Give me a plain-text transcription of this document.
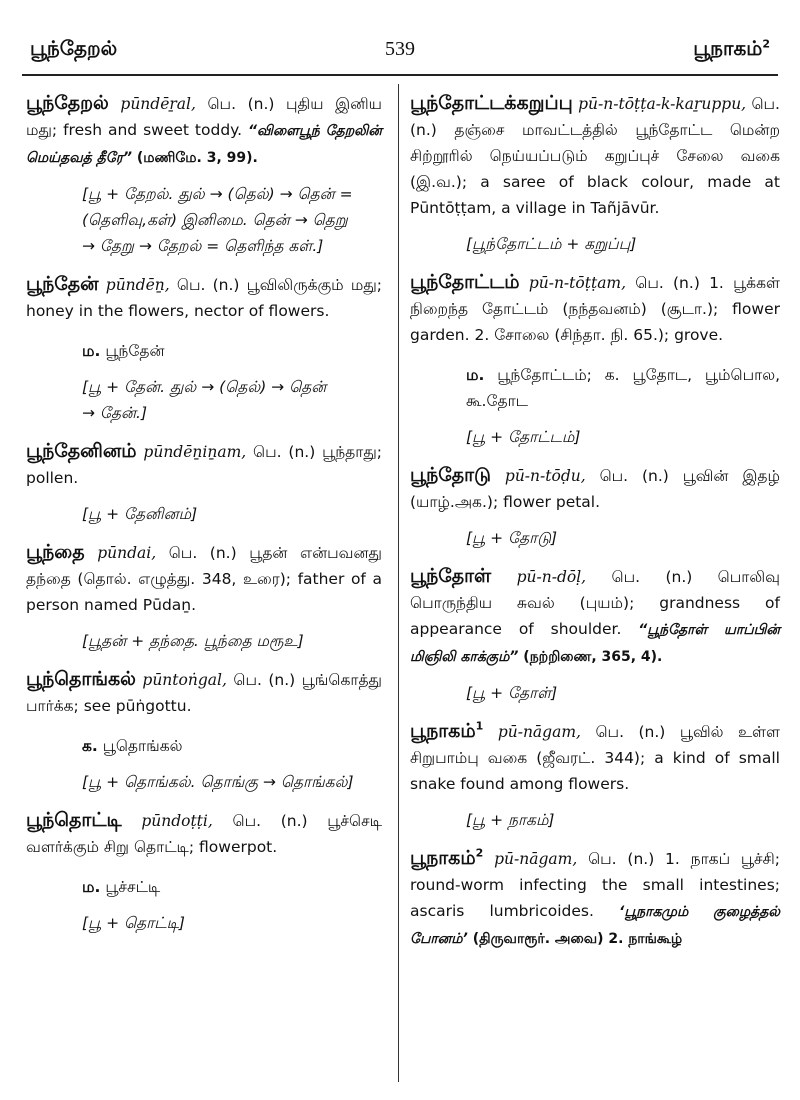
பூந்தேறல்	539	பூநாகம்$^2$

பூந்தேறல் pūndēṟal, பெ. (n.) புதிய இனிய மது; fresh and sweet toddy. “விளைபூந் தேறலின் மெய்தவத் தீரே” (மணிமே. 3, 99).

[பூ + தேறல். துல் → (தெல்) → தென் =

(தெளிவு,கள்) இனிமை. தென் → தெறு

→ தேறு → தேறல் = தெளிந்த கள்.]

பூந்தேன் pūndēṉ, பெ. (n.) பூவிலிருக்கும் மது; honey in the flowers, nector of flowers.

ம. பூந்தேன்

[பூ + தேன். துல் → (தெல்) → தென்

→ தேன்.]

பூந்தேனினம் pūndēṉiṉam, பெ. (n.) பூந்தாது; pollen.

[பூ + தேனினம்]

பூந்தை pūndai, பெ. (n.) பூதன் என்பவனது தந்தை (தொல். எழுத்து. 348, உரை); father of a person named Pūdaṉ.

[பூதன் + தந்தை. பூந்தை மரூஉ]

பூந்தொங்கல் pūntoṅgal, பெ. (n.) பூங்கொத்து பார்க்க; see pūṅgottu.

க. பூதொங்கல்

[பூ + தொங்கல். தொங்கு → தொங்கல்]

பூந்தொட்டி pūndoṭṭi, பெ. (n.) பூச்செடி வளர்க்கும் சிறு தொட்டி; flowerpot.

ம. பூச்சட்டி

[பூ + தொட்டி]

பூந்தோட்டக்கறுப்பு pū-n-tōṭṭa-k-kaṟuppu, பெ. (n.) தஞ்சை மாவட்டத்தில் பூந்தோட்ட மென்ற சிற்றூரில் நெய்யப்படும் கறுப்புச் சேலை வகை (இ.வ.); a saree of black colour, made at Pūntōṭṭam, a village in Tañjāvūr.

[பூந்தோட்டம் + கறுப்பு]

பூந்தோட்டம் pū-n-tōṭṭam, பெ. (n.) 1. பூக்கள் நிறைந்த தோட்டம் (நந்தவனம்) (சூடா.); flower garden. 2. சோலை (சிந்தா. நி. 65.); grove.

ம. பூந்தோட்டம்; க. பூதோட, பூம்பொல, கூ.தோட

[பூ + தோட்டம்]

பூந்தோடு pū-n-tōḍu, பெ. (n.) பூவின் இதழ் (யாழ்.அக.); flower petal.

[பூ + தோடு]

பூந்தோள் pū-n-dōḷ, பெ. (n.) பொலிவு பொருந்திய சுவல் (புயம்); grandness of appearance of shoulder. “பூந்தோள் யாப்பின் மிஞிலி காக்கும்” (நற்றிணை, 365, 4).

[பூ + தோள்]

பூநாகம்$^1$ pū-nāgam, பெ. (n.) பூவில் உள்ள சிறுபாம்பு வகை (ஜீவரட். 344); a kind of small snake found among flowers.

[பூ + நாகம்]

பூநாகம்$^2$ pū-nāgam, பெ. (n.) 1. நாகப் பூச்சி; round-worm infecting the small intestines; ascaris lumbricoides. ‘பூநாகமும் குழைத்தல் போனம்’ (திருவாரூர். அவை) 2. நாங்கூழ்
